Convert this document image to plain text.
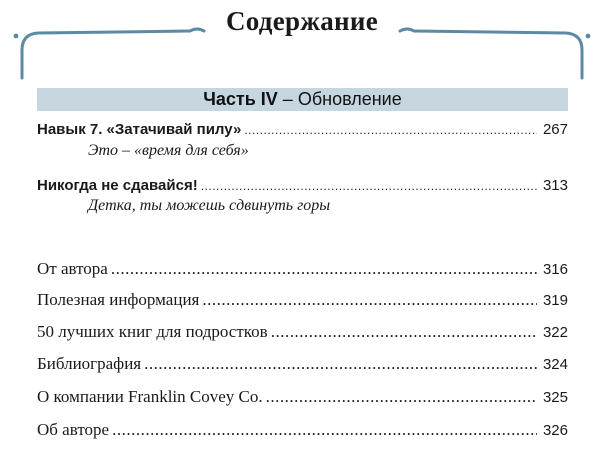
Содержание
Часть IV – Обновление
Навык 7. «Затачивай пилу» .....	267
Это – «время для себя»
Никогда не сдавайся! .....	313
Детка, ты можешь сдвинуть горы
От автора .....	316
Полезная информация .....	319
50 лучших книг для подростков .....	322
Библиография .....	324
О компании Franklin Covey Co. .....	325
Об авторе .....	326
